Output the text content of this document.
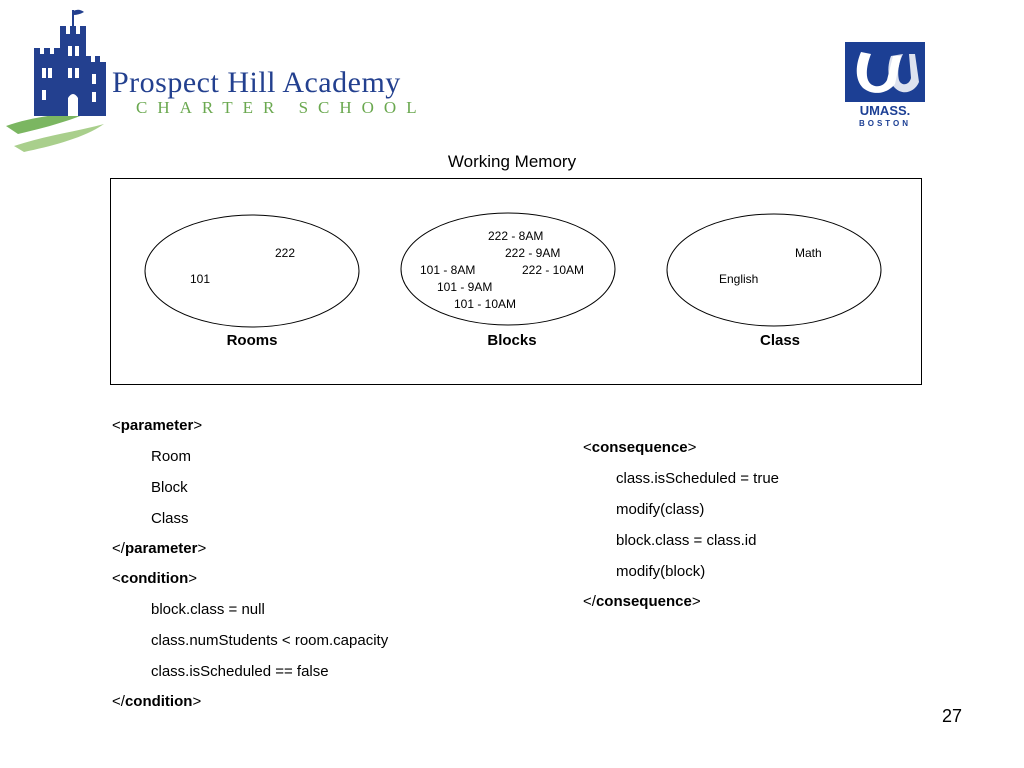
Prospect Hill Academy
CHARTER SCHOOL	UMASS.
BOSTON
Working Memory
222
101
222 - 8AM
222 - 9AM
101 - 8AM	222 - 10AM
101 - 9AM
101 - 10AM
Math
English
Rooms	Blocks	Class
<parameter>
Room
Block
Class
</parameter>
<condition>
block.class = null
class.numStudents < room.capacity
class.isScheduled == false
</condition>
<consequence>
class.isScheduled = true
modify(class)
block.class = class.id
modify(block)
</consequence>
27
